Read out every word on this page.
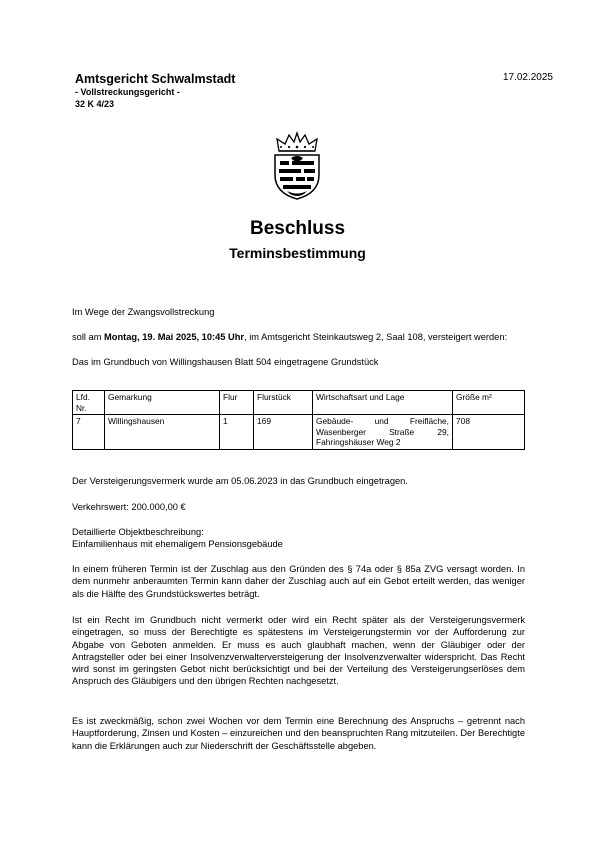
Amtsgericht Schwalmstadt
- Vollstreckungsgericht -
32 K 4/23
17.02.2025
Beschluss
Terminsbestimmung
Im Wege der Zwangsvollstreckung
soll am Montag, 19. Mai 2025, 10:45 Uhr, im Amtsgericht Steinkautsweg 2, Saal 108, versteigert werden:
Das im Grundbuch von Willingshausen Blatt 504 eingetragene Grundstück
Lfd. Nr.	Gemarkung	Flur	Flurstück	Wirtschaftsart und Lage	Größe m²
7	Willingshausen	1	169	Gebäude- und Freifläche, Wasenberger Straße 29, Fahringshäuser Weg 2	708
Der Versteigerungsvermerk wurde am 05.06.2023 in das Grundbuch eingetragen.
Verkehrswert: 200.000,00 €
Detaillierte Objektbeschreibung:
Einfamilienhaus mit ehemaligem Pensionsgebäude
In einem früheren Termin ist der Zuschlag aus den Gründen des § 74a oder § 85a ZVG versagt worden. In dem nunmehr anberaumten Termin kann daher der Zuschlag auch auf ein Gebot erteilt werden, das weniger als die Hälfte des Grundstückswertes beträgt.
Ist ein Recht im Grundbuch nicht vermerkt oder wird ein Recht später als der Versteigerungsvermerk eingetragen, so muss der Berechtigte es spätestens im Versteigerungstermin vor der Aufforderung zur Abgabe von Geboten anmelden. Er muss es auch glaubhaft machen, wenn der Gläubiger oder der Antragsteller oder bei einer Insolvenzverwalterversteigerung der Insolvenzverwalter widerspricht. Das Recht wird sonst im geringsten Gebot nicht berücksichtigt und bei der Verteilung des Versteigerungserlöses dem Anspruch des Gläubigers und den übrigen Rechten nachgesetzt.
Es ist zweckmäßig, schon zwei Wochen vor dem Termin eine Berechnung des Anspruchs – getrennt nach Hauptforderung, Zinsen und Kosten – einzureichen und den beanspruchten Rang mitzuteilen. Der Berechtigte kann die Erklärungen auch zur Niederschrift der Geschäftsstelle abgeben.
